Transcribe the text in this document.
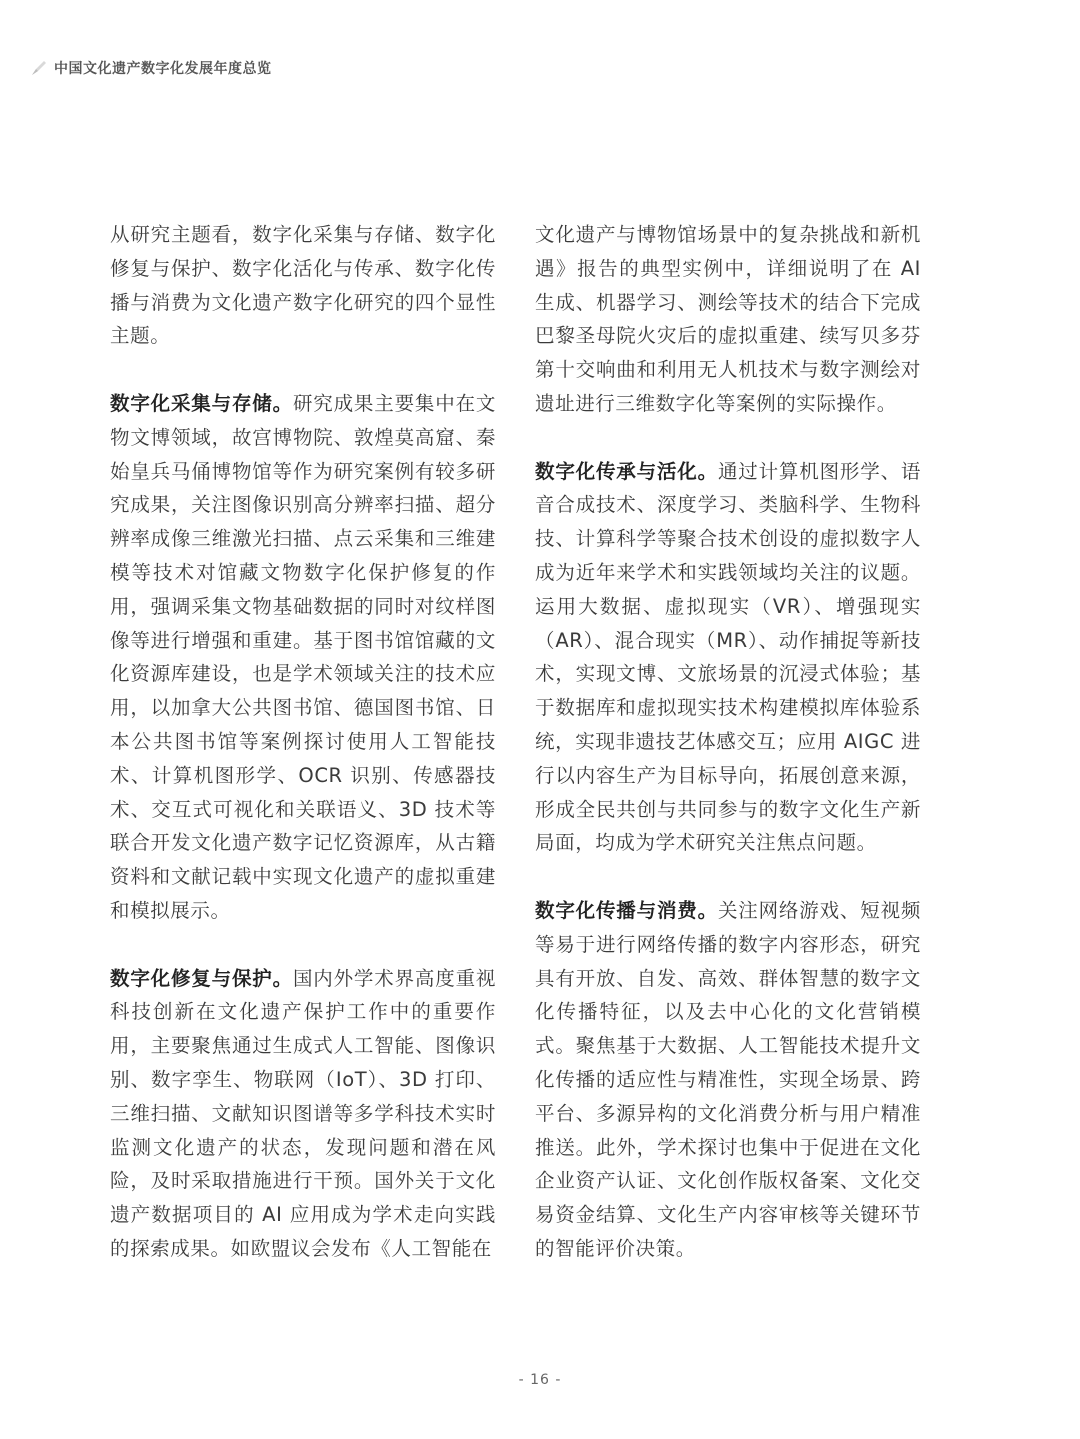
中国文化遗产数字化发展年度总览

从研究主题看，数字化采集与存储、数字化修复与保护、数字化活化与传承、数字化传播与消费为文化遗产数字化研究的四个显性主题。

数字化采集与存储。研究成果主要集中在文物文博领域，故宫博物院、敦煌莫高窟、秦始皇兵马俑博物馆等作为研究案例有较多研究成果，关注图像识别高分辨率扫描、超分辨率成像三维激光扫描、点云采集和三维建模等技术对馆藏文物数字化保护修复的作用，强调采集文物基础数据的同时对纹样图像等进行增强和重建。基于图书馆馆藏的文化资源库建设，也是学术领域关注的技术应用，以加拿大公共图书馆、德国图书馆、日本公共图书馆等案例探讨使用人工智能技术、计算机图形学、OCR 识别、传感器技术、交互式可视化和关联语义、3D 技术等联合开发文化遗产数字记忆资源库，从古籍资料和文献记载中实现文化遗产的虚拟重建和模拟展示。

数字化修复与保护。国内外学术界高度重视科技创新在文化遗产保护工作中的重要作用，主要聚焦通过生成式人工智能、图像识别、数字孪生、物联网（IoT）、3D 打印、三维扫描、文献知识图谱等多学科技术实时监测文化遗产的状态，发现问题和潜在风险，及时采取措施进行干预。国外关于文化遗产数据项目的 AI 应用成为学术走向实践的探索成果。如欧盟议会发布《人工智能在

文化遗产与博物馆场景中的复杂挑战和新机遇》报告的典型实例中，详细说明了在 AI 生成、机器学习、测绘等技术的结合下完成巴黎圣母院火灾后的虚拟重建、续写贝多芬第十交响曲和利用无人机技术与数字测绘对遗址进行三维数字化等案例的实际操作。

数字化传承与活化。通过计算机图形学、语音合成技术、深度学习、类脑科学、生物科技、计算科学等聚合技术创设的虚拟数字人成为近年来学术和实践领域均关注的议题。运用大数据、虚拟现实（VR）、增强现实（AR）、混合现实（MR）、动作捕捉等新技术，实现文博、文旅场景的沉浸式体验；基于数据库和虚拟现实技术构建模拟库体验系统，实现非遗技艺体感交互；应用 AIGC 进行以内容生产为目标导向，拓展创意来源，形成全民共创与共同参与的数字文化生产新局面，均成为学术研究关注焦点问题。

数字化传播与消费。关注网络游戏、短视频等易于进行网络传播的数字内容形态，研究具有开放、自发、高效、群体智慧的数字文化传播特征，以及去中心化的文化营销模式。聚焦基于大数据、人工智能技术提升文化传播的适应性与精准性，实现全场景、跨平台、多源异构的文化消费分析与用户精准推送。此外，学术探讨也集中于促进在文化企业资产认证、文化创作版权备案、文化交易资金结算、文化生产内容审核等关键环节的智能评价决策。

- 16 -
